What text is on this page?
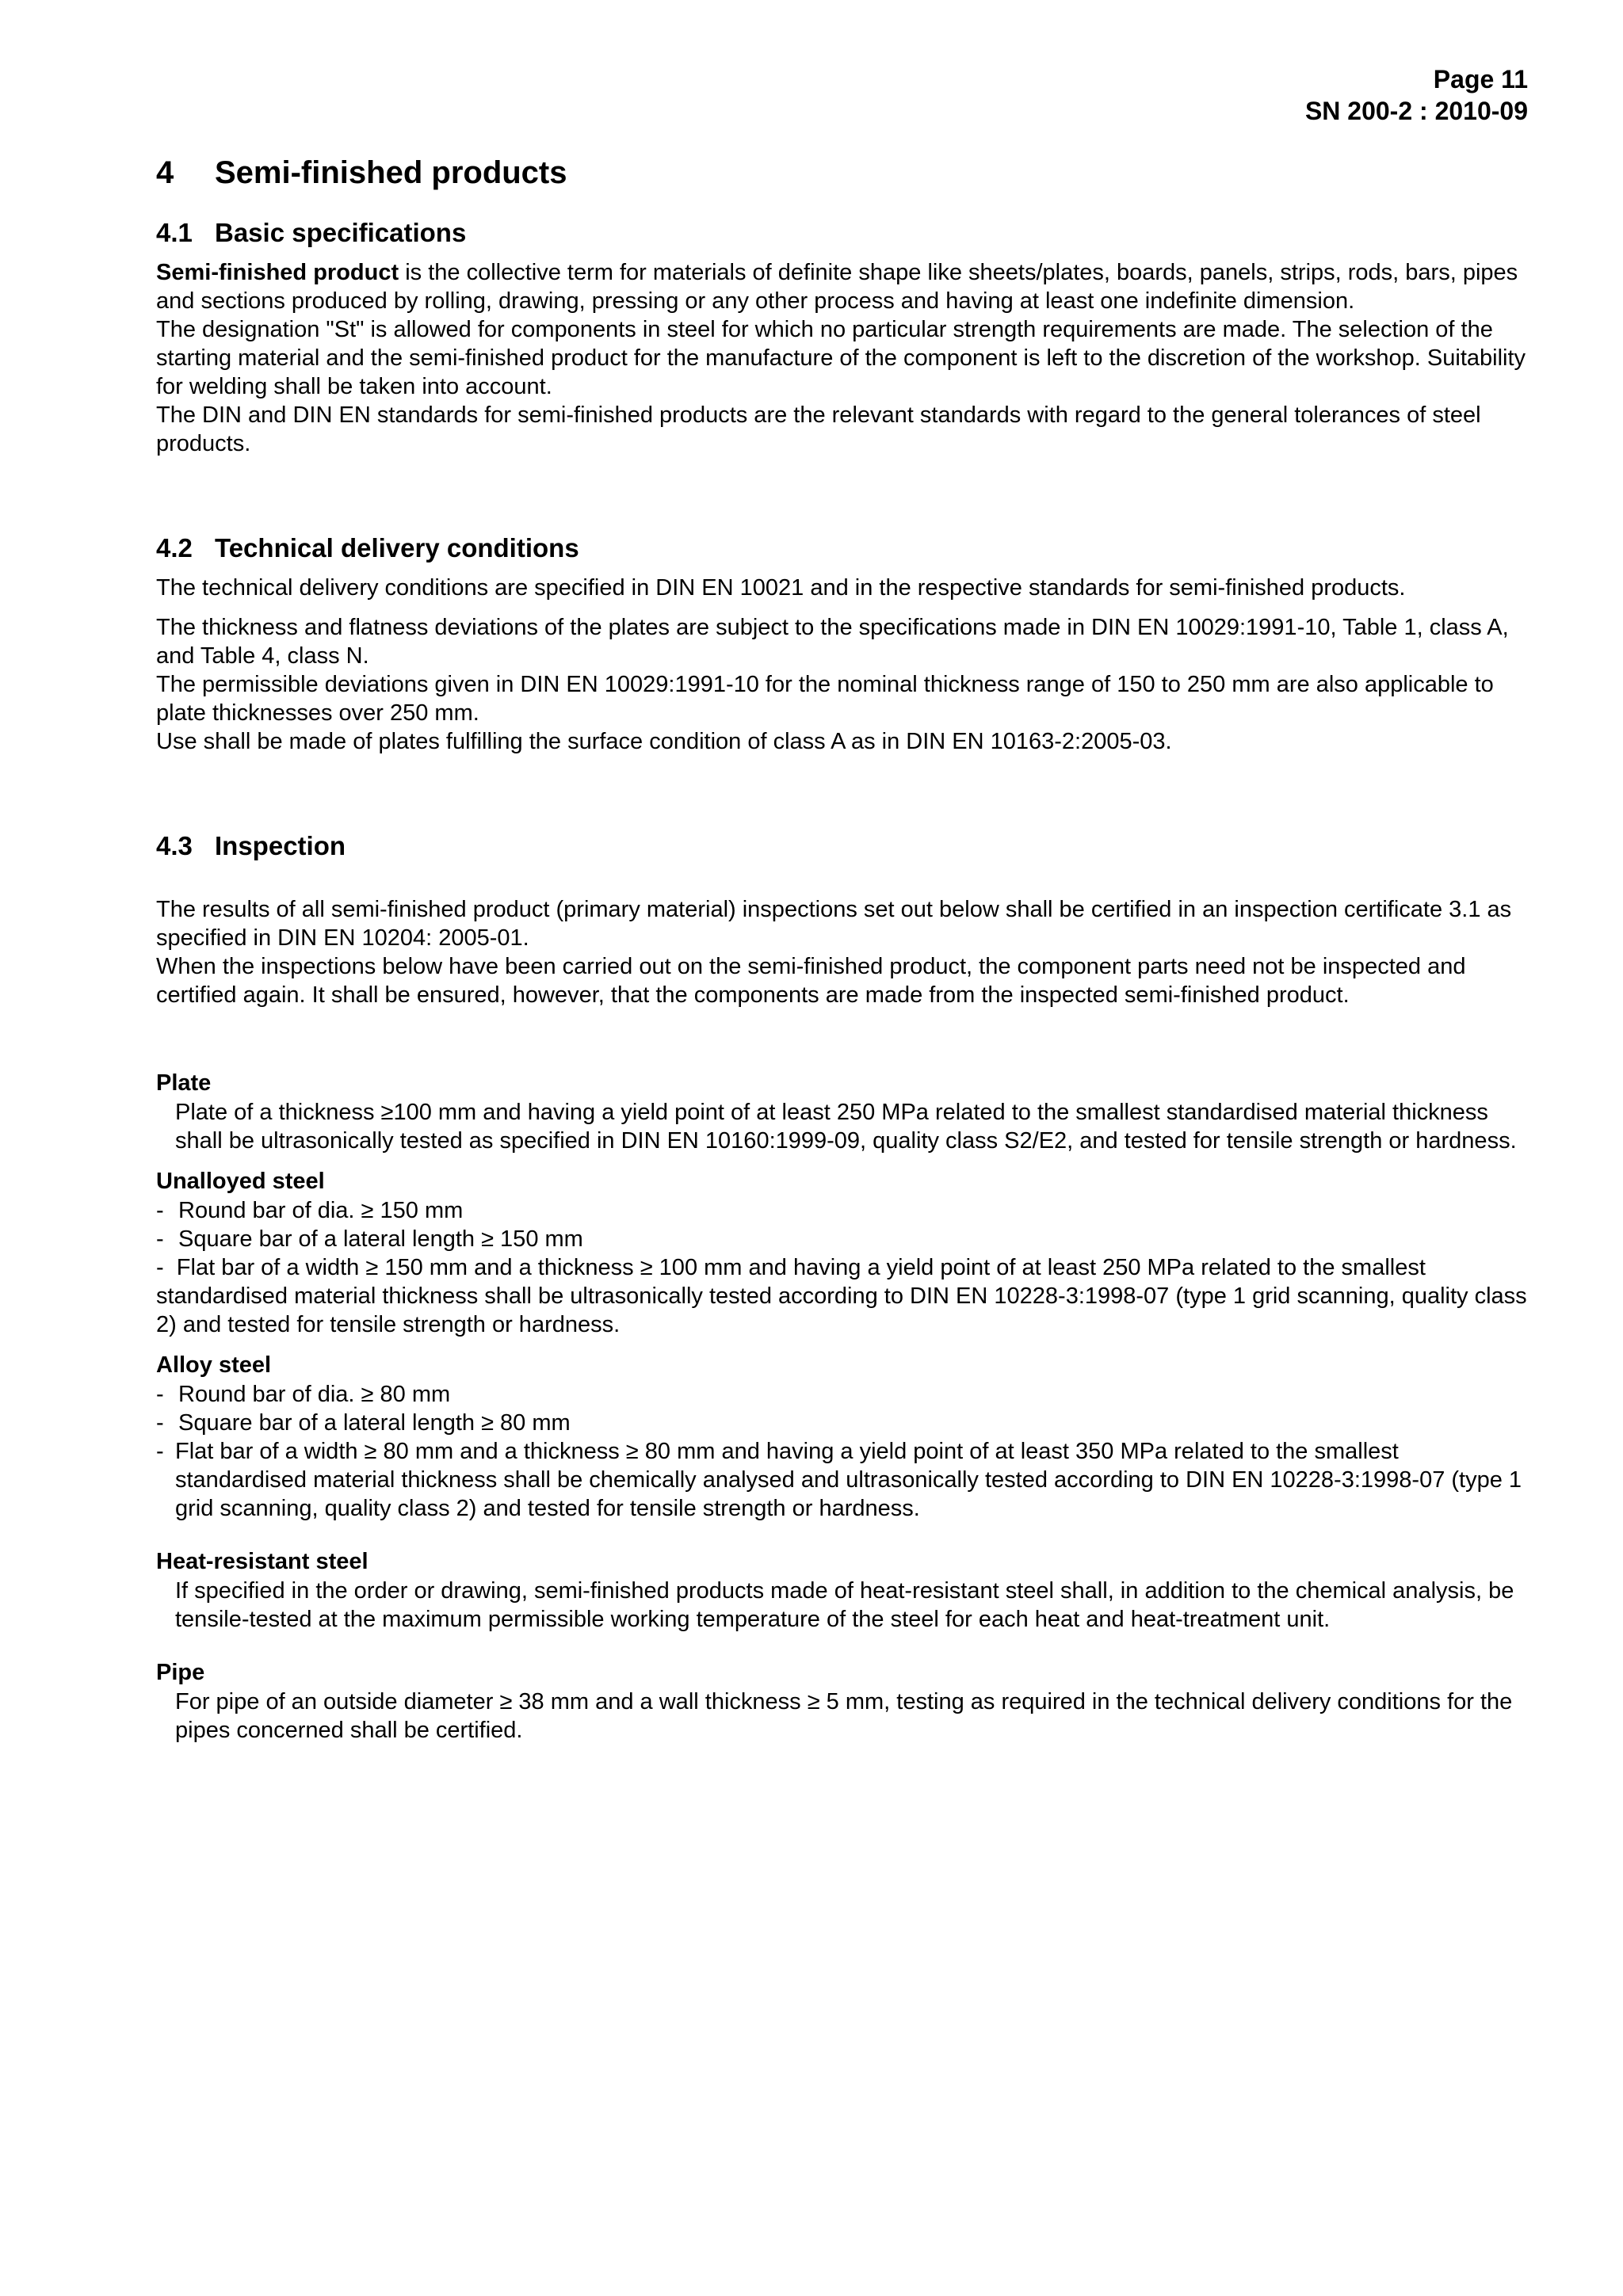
Page 11
SN 200-2 : 2010-09
4 Semi-finished products
4.1 Basic specifications

Semi-finished product is the collective term for materials of definite shape like sheets/plates, boards, panels, strips, rods, bars, pipes and sections produced by rolling, drawing, pressing or any other process and having at least one indefinite dimension.

The designation "St" is allowed for components in steel for which no particular strength requirements are made. The selection of the starting material and the semi-finished product for the manufacture of the component is left to the discretion of the workshop. Suitability for welding shall be taken into account.

The DIN and DIN EN standards for semi-finished products are the relevant standards with regard to the general tolerances of steel products.

4.2 Technical delivery conditions

The technical delivery conditions are specified in DIN EN 10021 and in the respective standards for semi-finished products.

The thickness and flatness deviations of the plates are subject to the specifications made in DIN EN 10029:1991-10, Table 1, class A, and Table 4, class N.

The permissible deviations given in DIN EN 10029:1991-10 for the nominal thickness range of 150 to 250 mm are also applicable to plate thicknesses over 250 mm.

Use shall be made of plates fulfilling the surface condition of class A as in DIN EN 10163-2:2005-03.

4.3 Inspection

The results of all semi-finished product (primary material) inspections set out below shall be certified in an inspection certificate 3.1 as specified in DIN EN 10204: 2005-01.

When the inspections below have been carried out on the semi-finished product, the component parts need not be inspected and certified again. It shall be ensured, however, that the components are made from the inspected semi-finished product.

Plate

Plate of a thickness ≥100 mm and having a yield point of at least 250 MPa related to the smallest standardised material thickness shall be ultrasonically tested as specified in DIN EN 10160:1999-09, quality class S2/E2, and tested for tensile strength or hardness.

Unalloyed steel

- Round bar of dia. ≥ 150 mm
- Square bar of a lateral length ≥ 150 mm

- Flat bar of a width ≥ 150 mm and a thickness ≥ 100 mm and having a yield point of at least 250 MPa related to the smallest standardised material thickness shall be ultrasonically tested according to DIN EN 10228-3:1998-07 (type 1 grid scanning, quality class 2) and tested for tensile strength or hardness.

Alloy steel

- Round bar of dia. ≥ 80 mm
- Square bar of a lateral length ≥ 80 mm
- Flat bar of a width ≥ 80 mm and a thickness ≥ 80 mm and having a yield point of at least 350 MPa related to the smallest standardised material thickness shall be chemically analysed and ultrasonically tested according to DIN EN 10228-3:1998-07 (type 1 grid scanning, quality class 2) and tested for tensile strength or hardness.

Heat-resistant steel

If specified in the order or drawing, semi-finished products made of heat-resistant steel shall, in addition to the chemical analysis, be tensile-tested at the maximum permissible working temperature of the steel for each heat and heat-treatment unit.

Pipe

For pipe of an outside diameter ≥ 38 mm and a wall thickness ≥ 5 mm, testing as required in the technical delivery conditions for the pipes concerned shall be certified.
